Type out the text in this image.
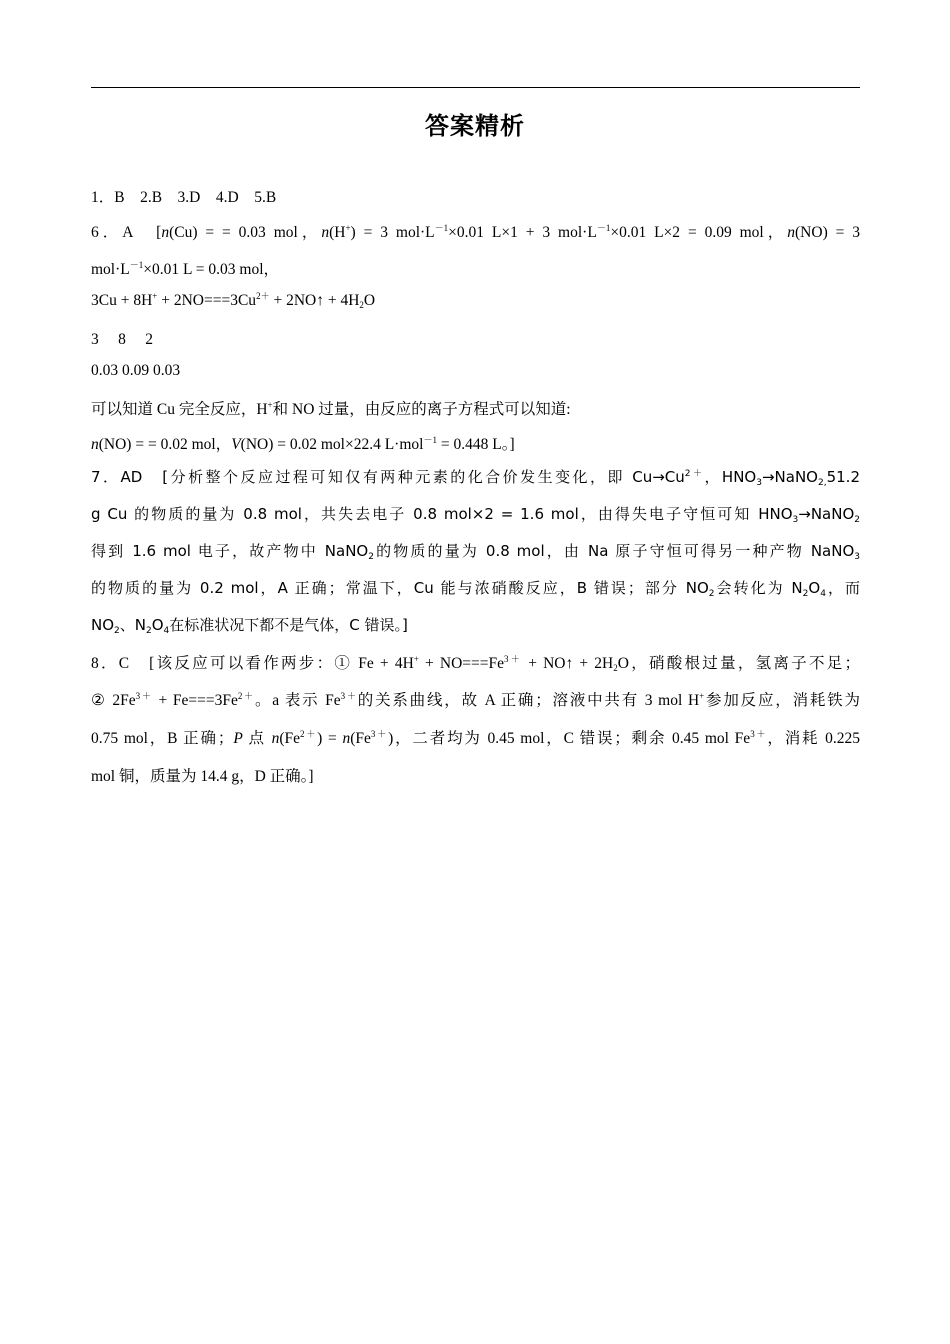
答案精析
1．B　2.B　3.D　4.D　5.B
6．A　[n(Cu) = = 0.03 mol，n(H+) = 3 $mol\cdot L^{-1}\times 0.01$ L×1 + 3 $mol\cdot L^{-1}\times 0.01$ L×2 = 0.09 mol，n(NO) = 3
$mol\cdot L^{-1}\times 0.01$ L = 0.03 mol，
$3Cu + 8H^+ + 2NO===3Cu^{2+}$ + 2NO↑ + $4H_2O$
3　 8　 2
0.03 0.09 0.03
可以知道 Cu 完全反应，H+和 NO 过量，由反应的离子方程式可以知道:
n(NO) = = 0.02 mol，V(NO) = 0.02 mol×22.4 L·mol$^{-1}$ = 0.448 L。]
7．AD　[分析整个反应过程可知仅有两种元素的化合价发生变化，即 $Cu\to Cu^{2+}$，$HNO_3\to NaNO_{2,}51.2$
g Cu 的物质的量为 0.8 mol，共失去电子 0.8 mol×2 = 1.6 mol，由得失电子守恒可知 $HNO_3\to NaNO_2$
得到 1.6 mol 电子，故产物中 NaNO$_2$的物质的量为 0.8 mol，由 Na 原子守恒可得另一种产物 NaNO$_3$
的物质的量为 0.2 mol，A 正确；常温下，Cu 能与浓硝酸反应，B 错误；部分 $NO_2$会转化为 $N_2O_4$，而
$NO_2$、$N_2O_4$在标准状况下都不是气体，C 错误。]
8．C　[该反应可以看作两步：① $Fe + 4H^+ + NO===Fe^{3+}$ + NO↑ + $2H_2O$，硝酸根过量，氢离子不足；
② $2Fe^{3+} + Fe===3Fe^{2+}$。a 表示 $Fe^{3+}$的关系曲线，故 A 正确；溶液中共有 3 mol H+参加反应，消耗铁为
0.75 mol，B 正确；P 点 $n(Fe^{2+}) = n(Fe^{3+})$，二者均为 0.45 mol，C 错误；剩余 0.45 mol $Fe^{3+}$，消耗 0.225
mol 铜，质量为 14.4 g，D 正确。]
